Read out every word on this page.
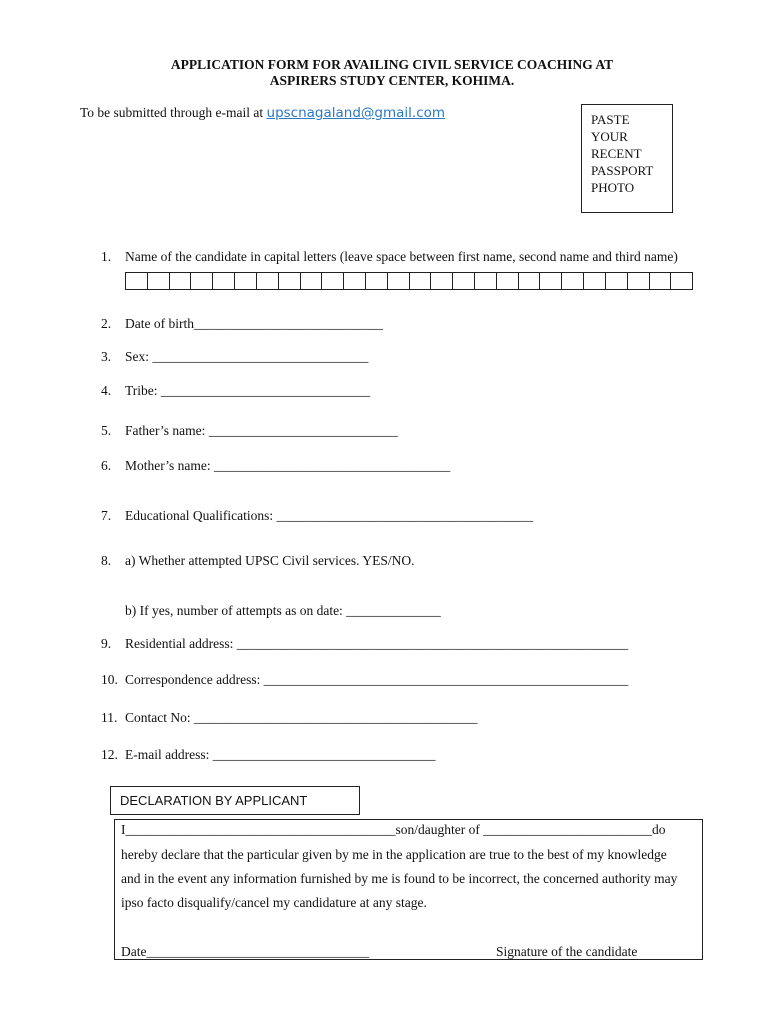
APPLICATION FORM FOR AVAILING CIVIL SERVICE COACHING AT
ASPIRERS STUDY CENTER, KOHIMA.
To be submitted through e-mail at upscnagaland@gmail.com	PASTE
YOUR
RECENT
PASSPORT
PHOTO
1. Name of the candidate in capital letters (leave space between first name, second name and third name)
2. Date of birth____________________________
3. Sex: ________________________________
4. Tribe: _______________________________
5. Father’s name: ____________________________
6. Mother’s name: ___________________________________
7. Educational Qualifications: ______________________________________
8. a) Whether attempted UPSC Civil services. YES/NO.
b) If yes, number of attempts as on date: ______________
9. Residential address: __________________________________________________________
10. Correspondence address: ______________________________________________________
11. Contact No: __________________________________________
12. E-mail address: _________________________________
DECLARATION BY APPLICANT
I________________________________________son/daughter of _________________________do
hereby declare that the particular given by me in the application are true to the best of my knowledge
and in the event any information furnished by me is found to be incorrect, the concerned authority may
ipso facto disqualify/cancel my candidature at any stage.
Date_________________________________	Signature of the candidate
